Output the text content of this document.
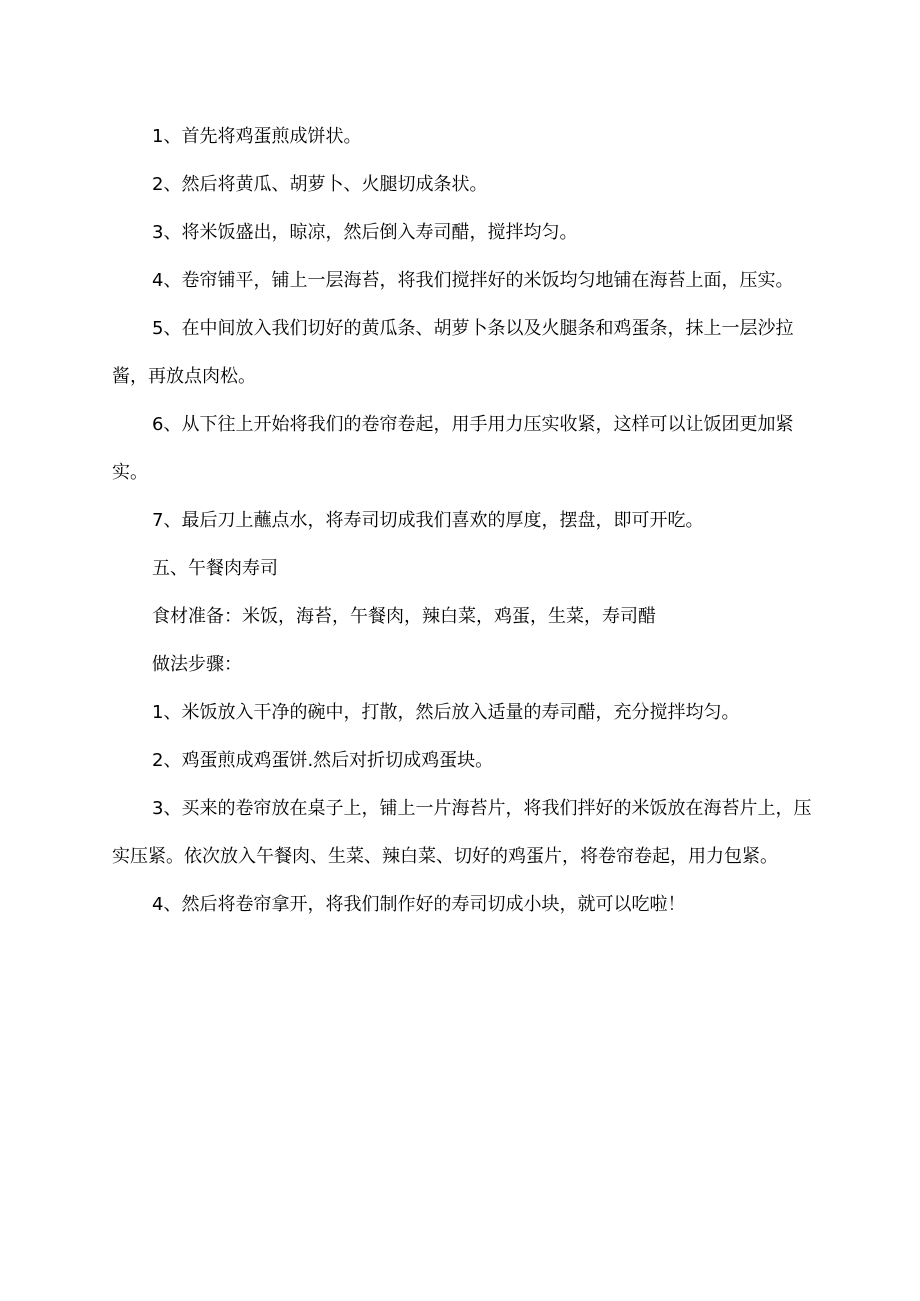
1、首先将鸡蛋煎成饼状。

2、然后将黄瓜、胡萝卜、火腿切成条状。

3、将米饭盛出，晾凉，然后倒入寿司醋，搅拌均匀。

4、卷帘铺平，铺上一层海苔，将我们搅拌好的米饭均匀地铺在海苔上面，压实。

5、在中间放入我们切好的黄瓜条、胡萝卜条以及火腿条和鸡蛋条，抹上一层沙拉酱，再放点肉松。

6、从下往上开始将我们的卷帘卷起，用手用力压实收紧，这样可以让饭团更加紧实。

7、最后刀上蘸点水，将寿司切成我们喜欢的厚度，摆盘，即可开吃。

五、午餐肉寿司

食材准备：米饭，海苔，午餐肉，辣白菜，鸡蛋，生菜，寿司醋

做法步骤：

1、米饭放入干净的碗中，打散，然后放入适量的寿司醋，充分搅拌均匀。

2、鸡蛋煎成鸡蛋饼.然后对折切成鸡蛋块。

3、买来的卷帘放在桌子上，铺上一片海苔片，将我们拌好的米饭放在海苔片上，压实压紧。依次放入午餐肉、生菜、辣白菜、切好的鸡蛋片，将卷帘卷起，用力包紧。

4、然后将卷帘拿开，将我们制作好的寿司切成小块，就可以吃啦！
